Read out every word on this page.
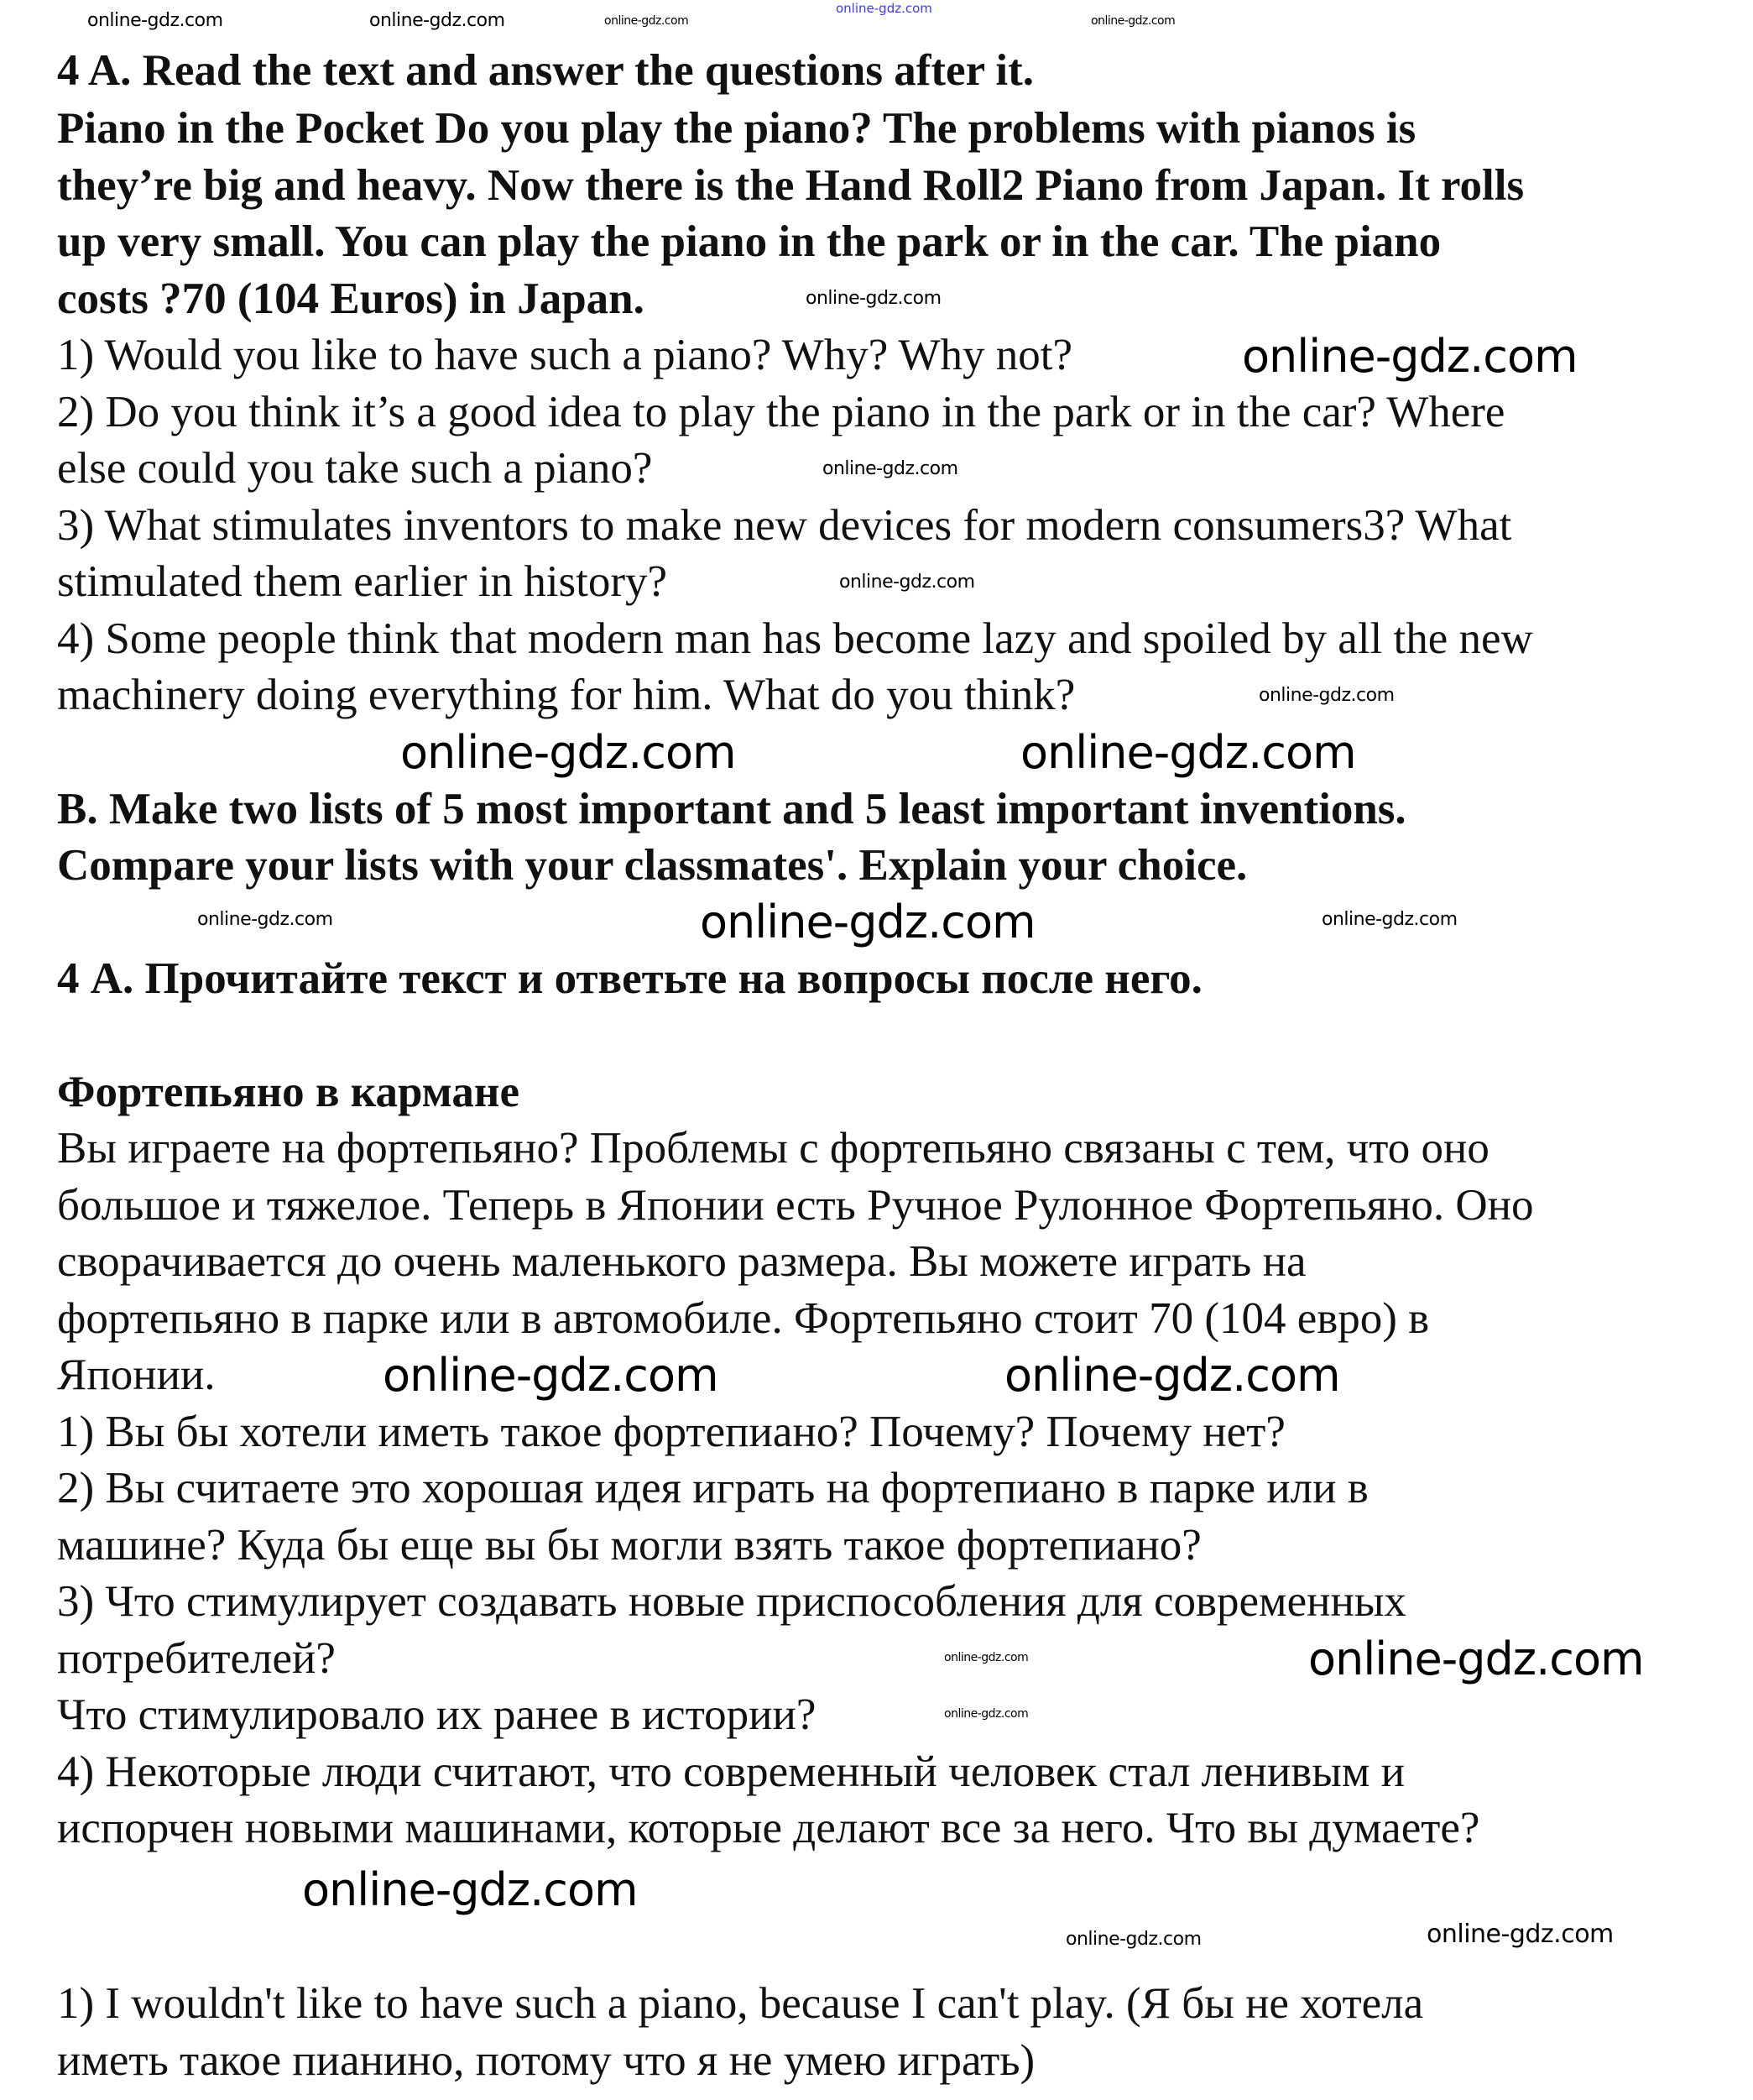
4 A. Read the text and answer the questions after it.
Piano in the Pocket Do you play the piano? The problems with pianos is
they’re big and heavy. Now there is the Hand Roll2 Piano from Japan. It rolls
up very small. You can play the piano in the park or in the car. The piano
costs ?70 (104 Euros) in Japan.
1) Would you like to have such a piano? Why? Why not?
2) Do you think it’s a good idea to play the piano in the park or in the car? Where
else could you take such a piano?
3) What stimulates inventors to make new devices for modern consumers3? What
stimulated them earlier in history?
4) Some people think that modern man has become lazy and spoiled by all the new
machinery doing everything for him. What do you think?
B. Make two lists of 5 most important and 5 least important inventions.
Compare your lists with your classmates'. Explain your choice.
4 А. Прочитайте текст и ответьте на вопросы после него.
Фортепьяно в кармане
Вы играете на фортепьяно? Проблемы с фортепьяно связаны с тем, что оно
большое и тяжелое. Теперь в Японии есть Ручное Рулонное Фортепьяно. Оно
сворачивается до очень маленького размера. Вы можете играть на
фортепьяно в парке или в автомобиле. Фортепьяно стоит 70 (104 евро) в
Японии.
1) Вы бы хотели иметь такое фортепиано? Почему? Почему нет?
2) Вы считаете это хорошая идея играть на фортепиано в парке или в
машине? Куда бы еще вы бы могли взять такое фортепиано?
3) Что стимулирует создавать новые приспособления для современных
потребителей?
Что стимулировало их ранее в истории?
4) Некоторые люди считают, что современный человек стал ленивым и
испорчен новыми машинами, которые делают все за него. Что вы думаете?
1) I wouldn't like to have such a piano, because I can't play. (Я бы не хотела
иметь такое пианино, потому что я не умею играть)
online-gdz.com
online-gdz.com	online-gdz.com
online-gdz.com	online-gdz.com
online-gdz.com
online-gdz.com
online-gdz.com
online-gdz.com
online-gdz.com
online-gdz.com	online-gdz.com
online-gdz.com	online-gdz.com	online-gdz.com
online-gdz.com	online-gdz.com
online-gdz.com	online-gdz.com
online-gdz.com
online-gdz.com
online-gdz.com	online-gdz.com
